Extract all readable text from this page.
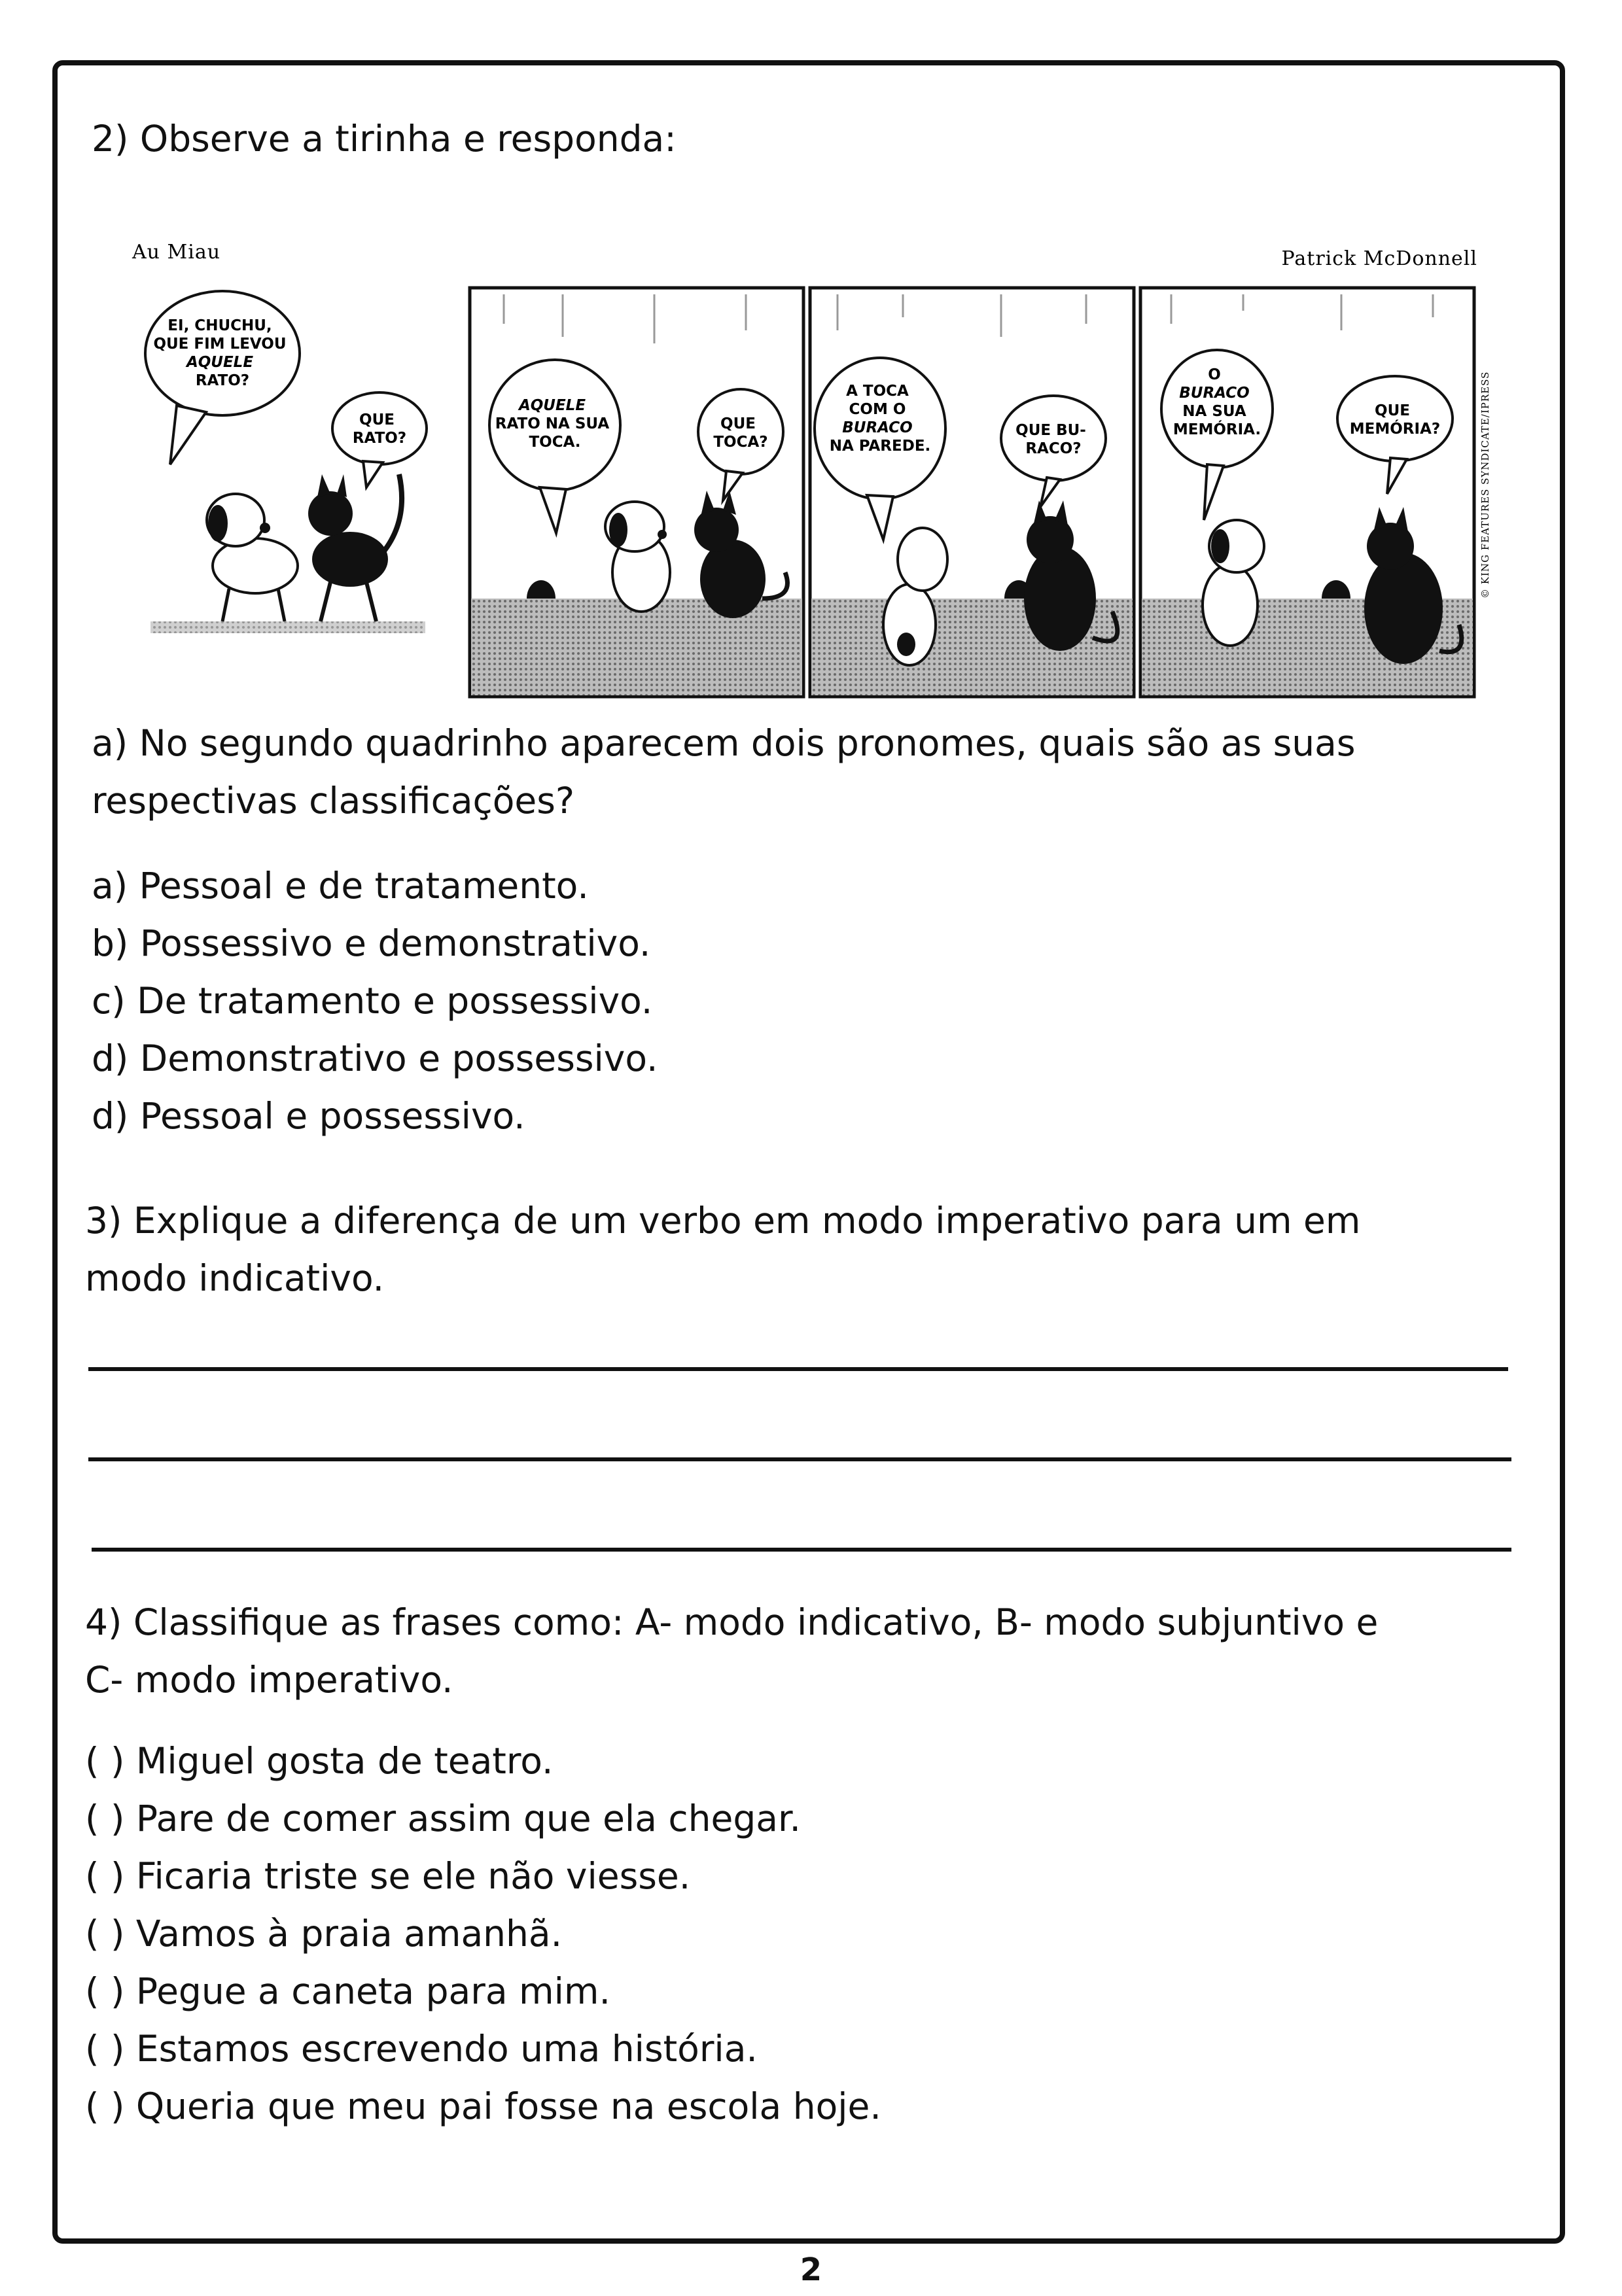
2) Observe a tirinha e responda:
Au Miau	Patrick McDonnell
© KING FEATURES SYNDICATE/IPRESS
EI, CHUCHU, QUE FIM LEVOU AQUELE RATO?
QUE RATO?
AQUELE RATO NA SUA TOCA.
QUE TOCA?
A TOCA COM O BURACO NA PAREDE.
QUE BU- RACO?
O BURACO NA SUA MEMÓRIA.
QUE MEMÓRIA?
a) No segundo quadrinho aparecem dois pronomes, quais são as suas
respectivas classificações?
a) Pessoal e de tratamento.
b) Possessivo e demonstrativo.
c) De tratamento e possessivo.
d) Demonstrativo e possessivo.
d) Pessoal e possessivo.
3) Explique a diferença de um verbo em modo imperativo para um em
modo indicativo.
4) Classifique as frases como: A- modo indicativo, B- modo subjuntivo e
C- modo imperativo.
( ) Miguel gosta de teatro.
( ) Pare de comer assim que ela chegar.
( ) Ficaria triste se ele não viesse.
( ) Vamos à praia amanhã.
( ) Pegue a caneta para mim.
( ) Estamos escrevendo uma história.
( ) Queria que meu pai fosse na escola hoje.
2
